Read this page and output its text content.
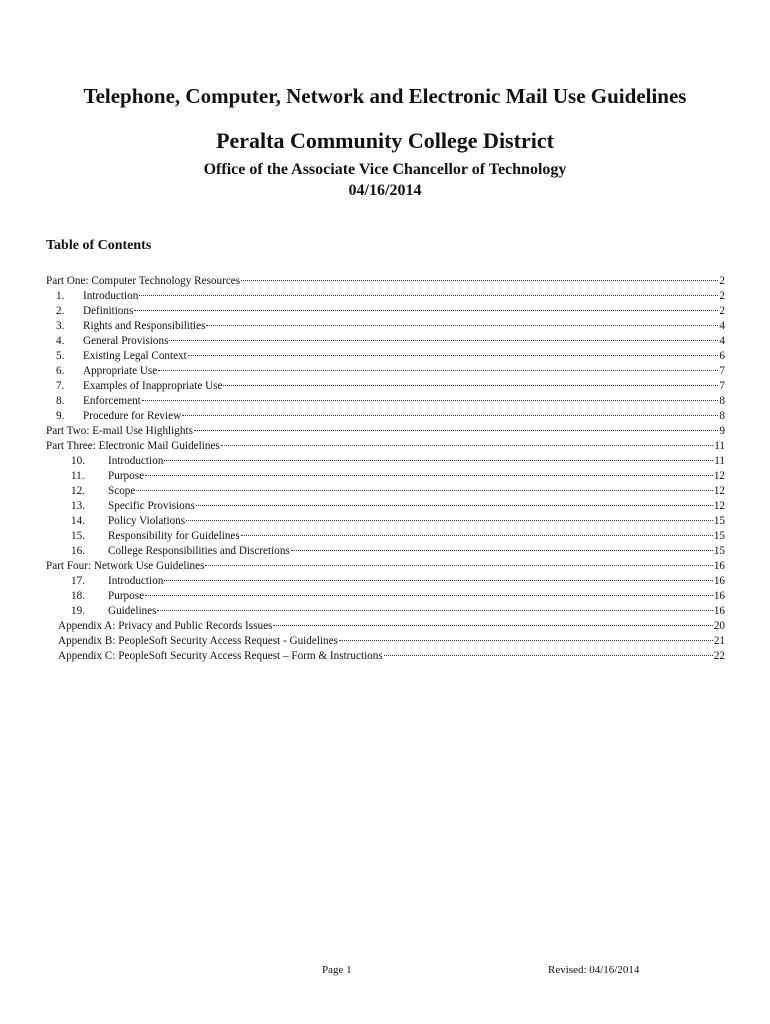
Telephone, Computer, Network and Electronic Mail Use Guidelines
Peralta Community College District
Office of the Associate Vice Chancellor of Technology
04/16/2014
Table of Contents
Part One: Computer Technology Resources	2
1.	Introduction	2
2.	Definitions	2
3.	Rights and Responsibilities	4
4.	General Provisions	4
5.	Existing Legal Context	6
6.	Appropriate Use	7
7.	Examples of Inappropriate Use	7
8.	Enforcement	8
9.	Procedure for Review	8
Part Two: E-mail Use Highlights	9
Part Three: Electronic Mail Guidelines	11
10.	Introduction	11
11.	Purpose	12
12.	Scope	12
13.	Specific Provisions	12
14.	Policy Violations	15
15.	Responsibility for Guidelines	15
16.	College Responsibilities and Discretions	15
Part Four: Network Use Guidelines	16
17.	Introduction	16
18.	Purpose	16
19.	Guidelines	16
Appendix A: Privacy and Public Records Issues	20
Appendix B: PeopleSoft Security Access Request - Guidelines	21
Appendix C: PeopleSoft Security Access Request – Form & Instructions	22
Page 1	Revised: 04/16/2014
